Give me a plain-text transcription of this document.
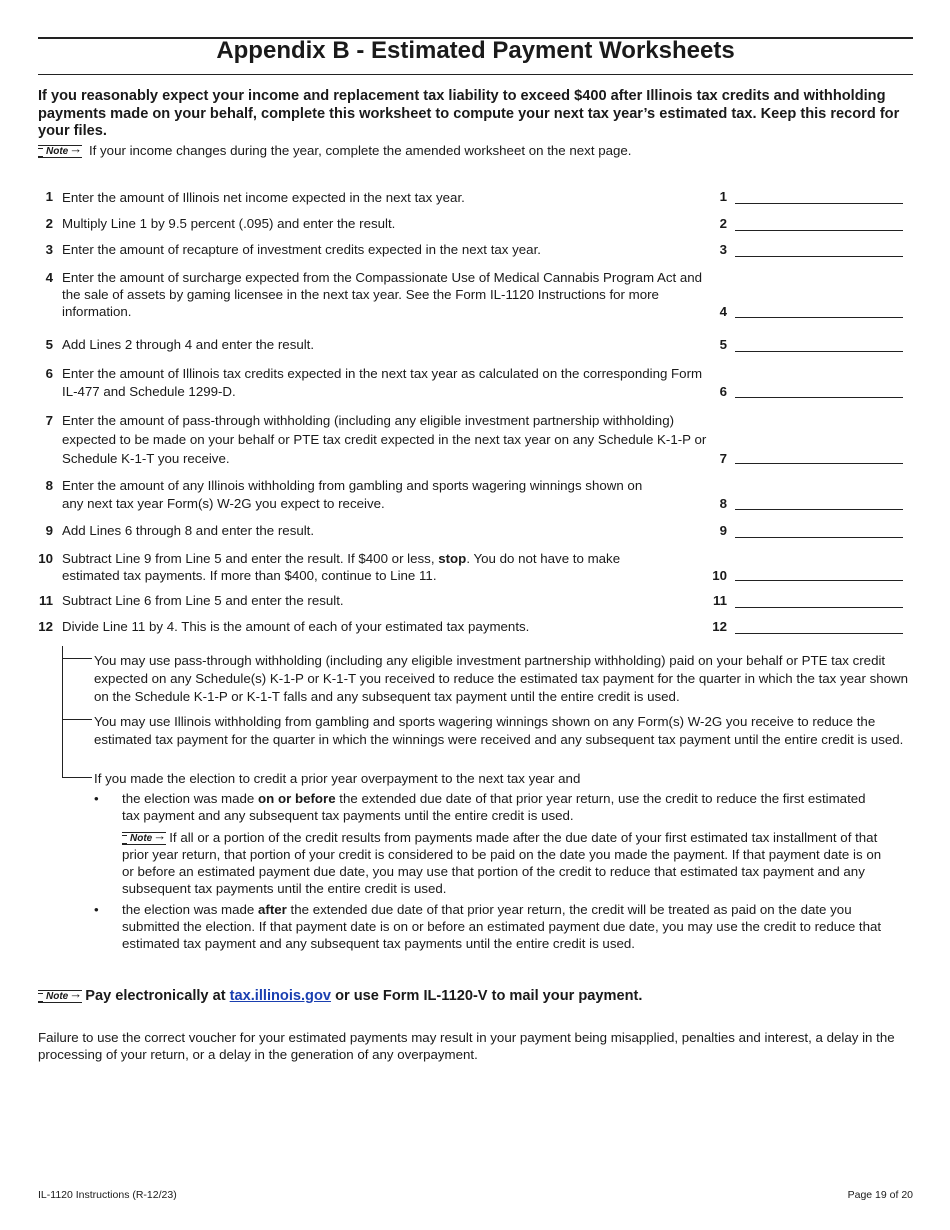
Appendix B - Estimated Payment Worksheets

If you reasonably expect your income and replacement tax liability to exceed $400 after Illinois tax credits and withholding payments made on your behalf, complete this worksheet to compute your next tax year’s estimated tax. Keep this record for your files.

Note → If your income changes during the year, complete the amended worksheet on the next page.
1 Enter the amount of Illinois net income expected in the next tax year.	1
2 Multiply Line 1 by 9.5 percent (.095) and enter the result.	2
3 Enter the amount of recapture of investment credits expected in the next tax year.	3
4 Enter the amount of surcharge expected from the Compassionate Use of Medical Cannabis Program Act and the sale of assets by gaming licensee in the next tax year. See the Form IL-1120 Instructions for more information.	4
5 Add Lines 2 through 4 and enter the result.	5
6 Enter the amount of Illinois tax credits expected in the next tax year as calculated on the corresponding Form IL-477 and Schedule 1299-D.	6
7 Enter the amount of pass-through withholding (including any eligible investment partnership withholding) expected to be made on your behalf or PTE tax credit expected in the next tax year on any Schedule K-1-P or Schedule K-1-T you receive.	7
8 Enter the amount of any Illinois withholding from gambling and sports wagering winnings shown on any next tax year Form(s) W-2G you expect to receive.	8
9 Add Lines 6 through 8 and enter the result.	9
10 Subtract Line 9 from Line 5 and enter the result. If $400 or less, stop. You do not have to make estimated tax payments. If more than $400, continue to Line 11.	10
11 Subtract Line 6 from Line 5 and enter the result.	11
12 Divide Line 11 by 4. This is the amount of each of your estimated tax payments.	12
You may use pass-through withholding (including any eligible investment partnership withholding) paid on your behalf or PTE tax credit expected on any Schedule(s) K-1-P or K-1-T you received to reduce the estimated tax payment for the quarter in which the tax year shown on the Schedule K-1-P or K-1-T falls and any subsequent tax payment until the entire credit is used.
You may use Illinois withholding from gambling and sports wagering winnings shown on any Form(s) W-2G you receive to reduce the estimated tax payment for the quarter in which the winnings were received and any subsequent tax payment until the entire credit is used.
If you made the election to credit a prior year overpayment to the next tax year and
•	the election was made on or before the extended due date of that prior year return, use the credit to reduce the first estimated tax payment and any subsequent tax payments until the entire credit is used.
Note → If all or a portion of the credit results from payments made after the due date of your first estimated tax installment of that prior year return, that portion of your credit is considered to be paid on the date you made the payment. If that payment date is on or before an estimated payment due date, you may use that portion of the credit to reduce that estimated tax payment and any subsequent tax payments until the entire credit is used.
•	the election was made after the extended due date of that prior year return, the credit will be treated as paid on the date you submitted the election. If that payment date is on or before an estimated payment due date, you may use the credit to reduce that estimated tax payment and any subsequent tax payments until the entire credit is used.
Note → Pay electronically at tax.illinois.gov or use Form IL-1120-V to mail your payment.
Failure to use the correct voucher for your estimated payments may result in your payment being misapplied, penalties and interest, a delay in the processing of your return, or a delay in the generation of any overpayment.
IL-1120 Instructions (R-12/23)	Page 19 of 20
